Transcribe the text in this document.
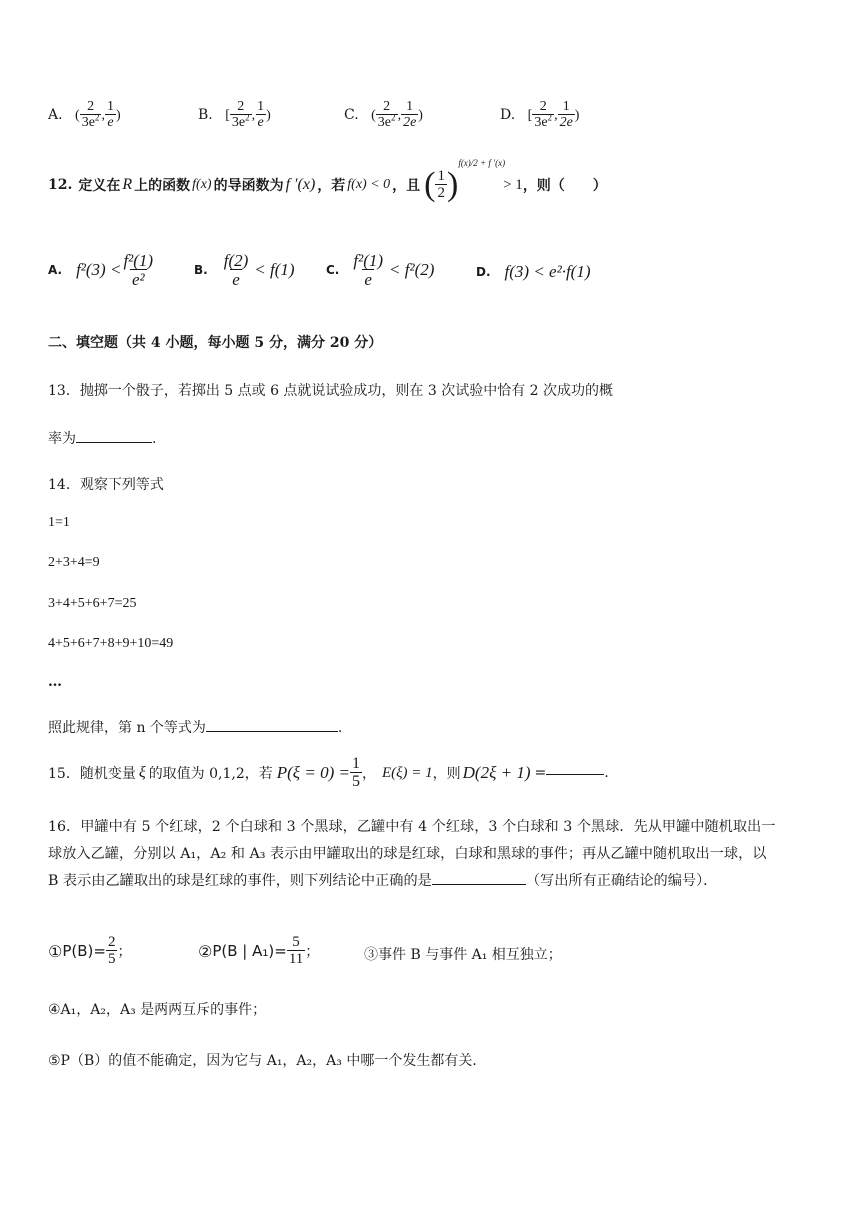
A. ( $\frac{2}{3e^2}$ , $\frac{1}{e}$ )	B. [ $\frac{2}{3e^2}$ , $\frac{1}{e}$ )	C. ( $\frac{2}{3e^2}$ , $\frac{1}{2e}$ )	D. [ $\frac{2}{3e^2}$ , $\frac{1}{2e}$ )
12. 定义在 R 上的函数 f(x) 的导函数为 f ′(x) ，若 f(x) < 0 ，且 ( $\frac{1}{2}$ )
f(x)/2 + f ′(x)
> 1 ，则（　　）
A. $f^2(3) < \frac{\text{f²(1)}}{\text{e²}}$	B. $\frac{f(2)}{e} < f(1)$	C. $\frac{\text{f²(1)}}{e} < f^2(2)$	D. f(3) < e²·f(1)
二、填空题（共 4 小题，每小题 5 分，满分 20 分）
13．抛掷一个骰子，若掷出 5 点或 6 点就说试验成功，则在 3 次试验中恰有 2 次成功的概
率为	.
14．观察下列等式
1=1
2+3+4=9
3+4+5+6+7=25
4+5+6+7+8+9+10=49
…
照此规律，第 n 个等式为	.
15．随机变量 ξ 的取值为 0,1,2，若 $P(\xi = 0) = \frac{1}{5}$ ， E(ξ) = 1 ，则 D(2ξ + 1) =	.
16．甲罐中有 5 个红球，2 个白球和 3 个黑球，乙罐中有 4 个红球，3 个白球和 3 个黑球．先从甲罐中随机取出一
球放入乙罐，分别以 A₁，A₂ 和 A₃ 表示由甲罐取出的球是红球，白球和黑球的事件；再从乙罐中随机取出一球，以
B 表示由乙罐取出的球是红球的事件，则下列结论中正确的是	（写出所有正确结论的编号）．
① $P(B)= \frac{2}{5}$ ；	② P(B | $A_1)= \frac{5}{11}$ ；	③事件 B 与事件 A₁ 相互独立；
④A₁，A₂，A₃ 是两两互斥的事件；
⑤P（B）的值不能确定，因为它与 A₁，A₂，A₃ 中哪一个发生都有关．
